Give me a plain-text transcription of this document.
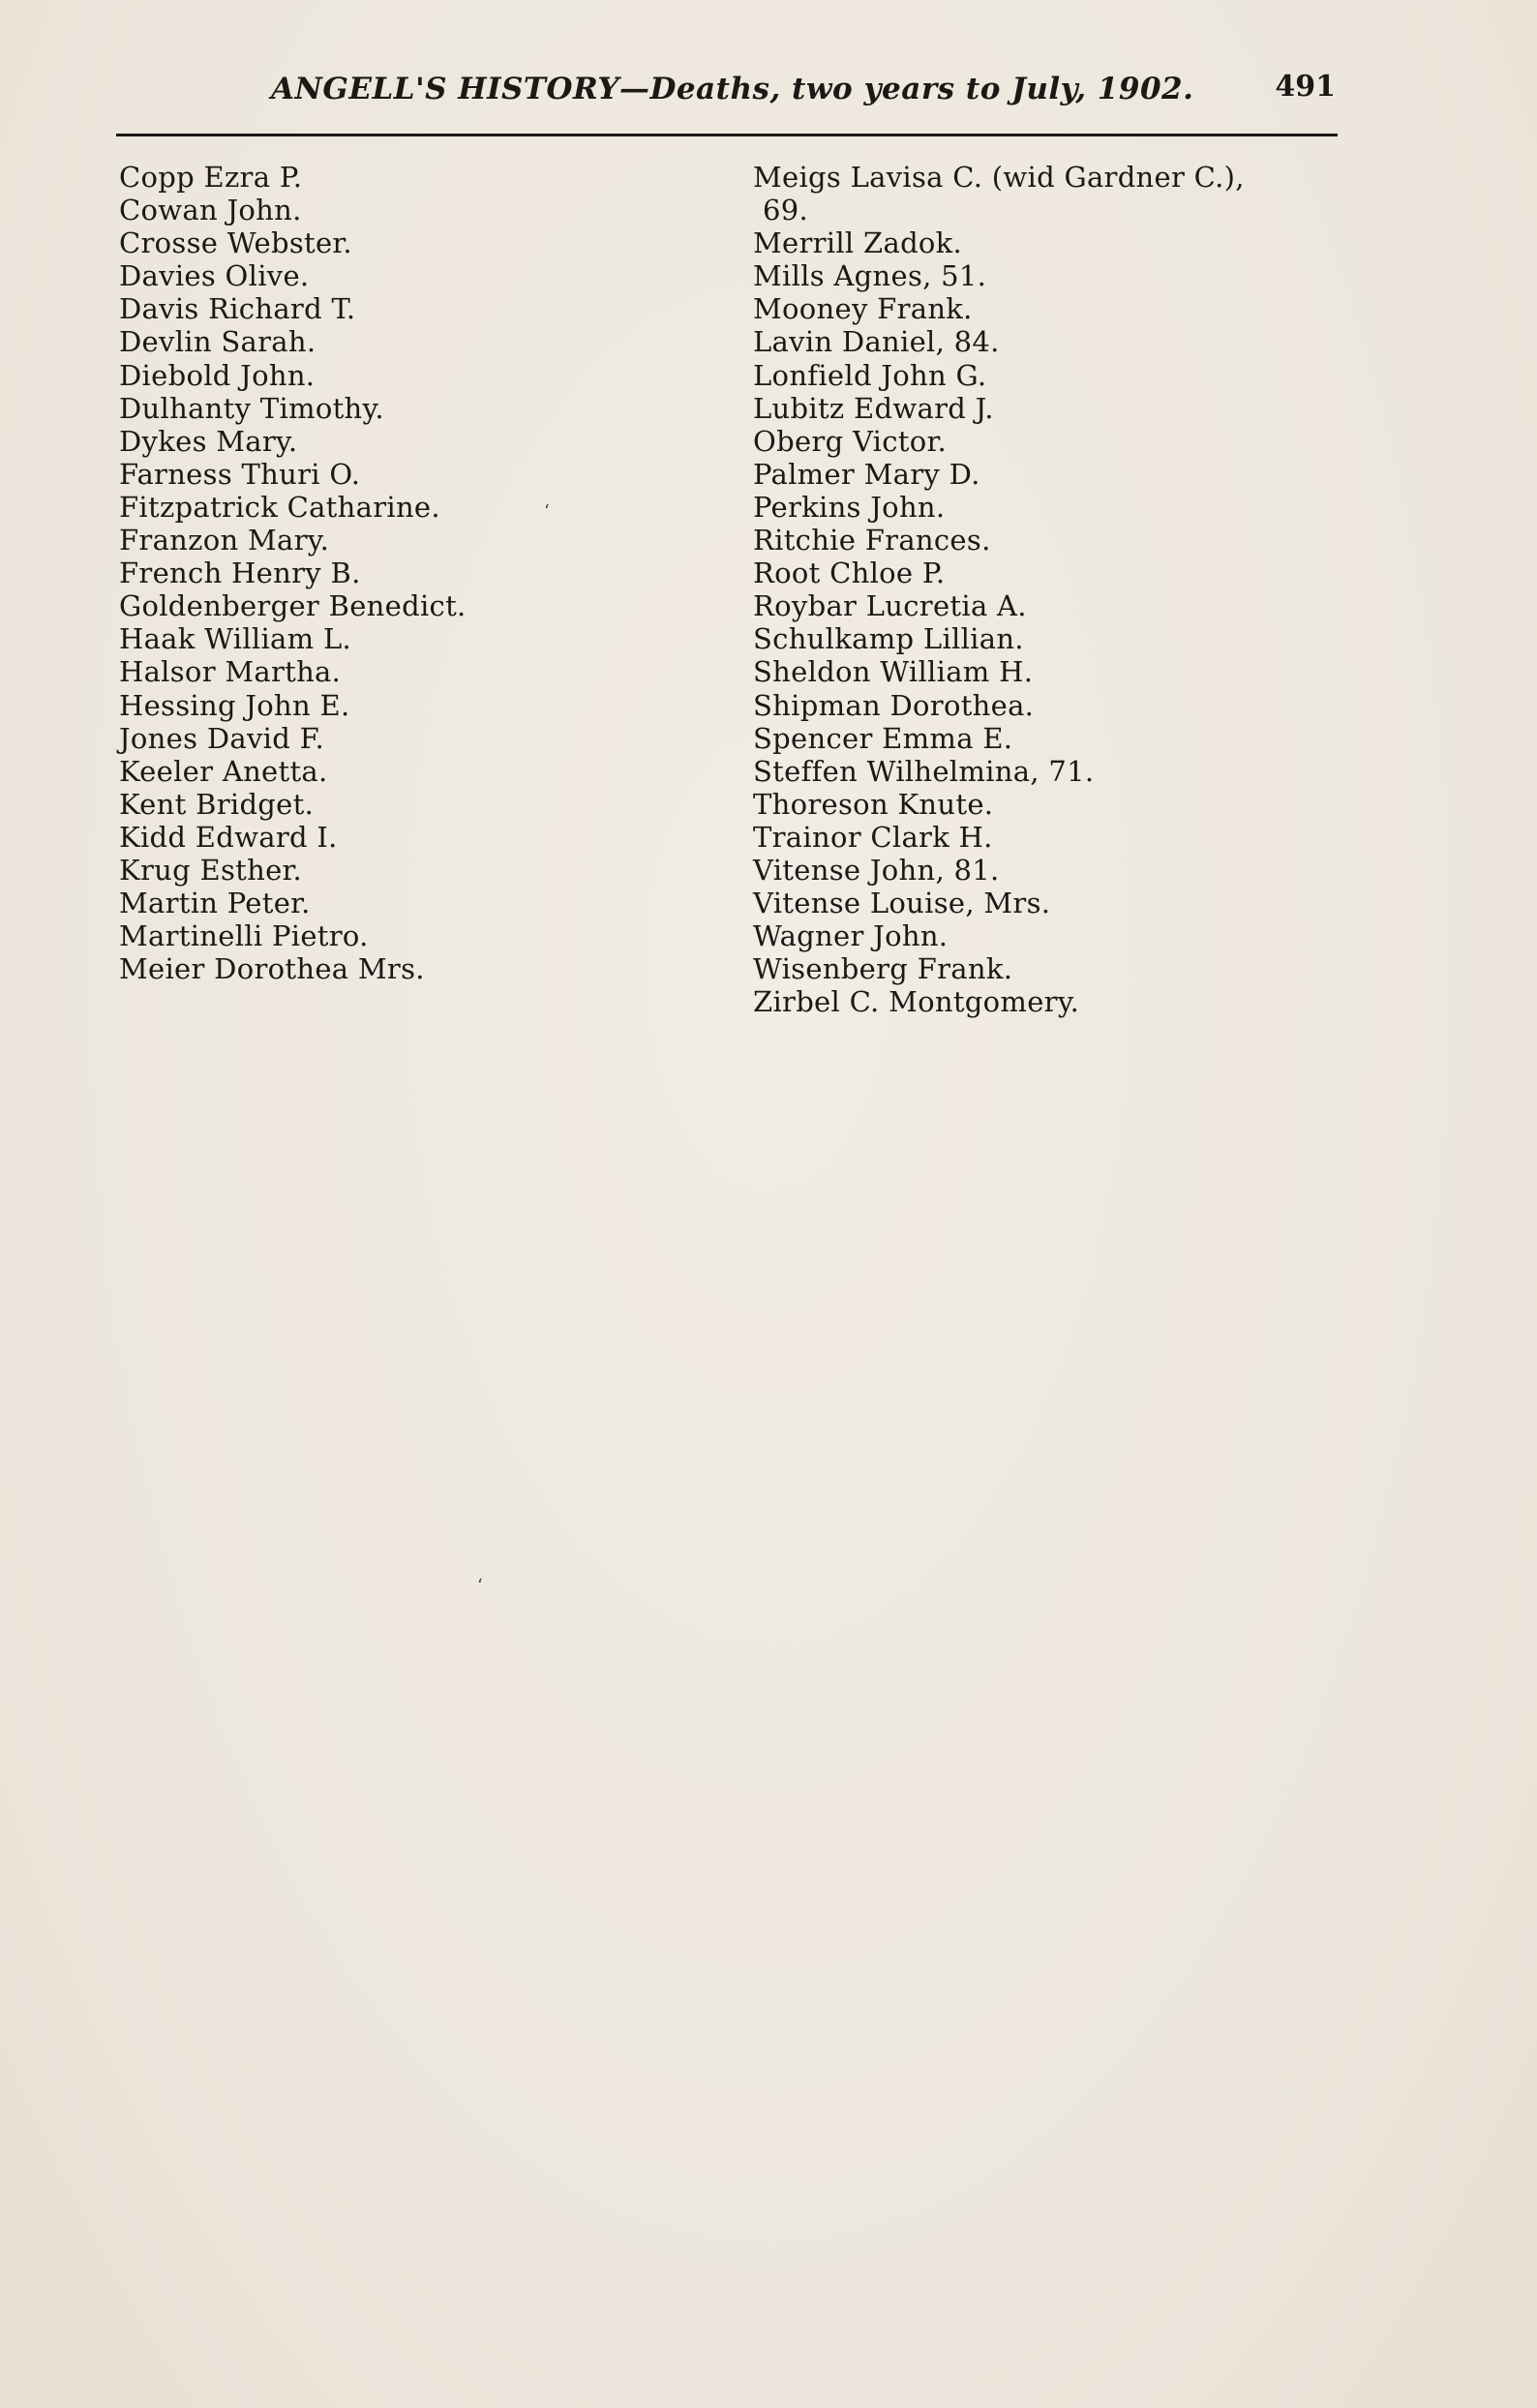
ANGELL'S HISTORY—Deaths, two years to July, 1902.	491
Copp Ezra P.
Cowan John.
Crosse Webster.
Davies Olive.
Davis Richard T.
Devlin Sarah.
Diebold John.
Dulhanty Timothy.
Dykes Mary.
Farness Thuri O.
Fitzpatrick Catharine.
Franzon Mary.
French Henry B.
Goldenberger Benedict.
Haak William L.
Halsor Martha.
Hessing John E.
Jones David F.
Keeler Anetta.
Kent Bridget.
Kidd Edward I.
Krug Esther.
Martin Peter.
Martinelli Pietro.
Meier Dorothea Mrs.
Meigs Lavisa C. (wid Gardner C.),
69.
Merrill Zadok.
Mills Agnes, 51.
Mooney Frank.
Lavin Daniel, 84.
Lonfield John G.
Lubitz Edward J.
Oberg Victor.
Palmer Mary D.
Perkins John.
Ritchie Frances.
Root Chloe P.
Roybar Lucretia A.
Schulkamp Lillian.
Sheldon William H.
Shipman Dorothea.
Spencer Emma E.
Steffen Wilhelmina, 71.
Thoreson Knute.
Trainor Clark H.
Vitense John, 81.
Vitense Louise, Mrs.
Wagner John.
Wisenberg Frank.
Zirbel C. Montgomery.
‘
‘
